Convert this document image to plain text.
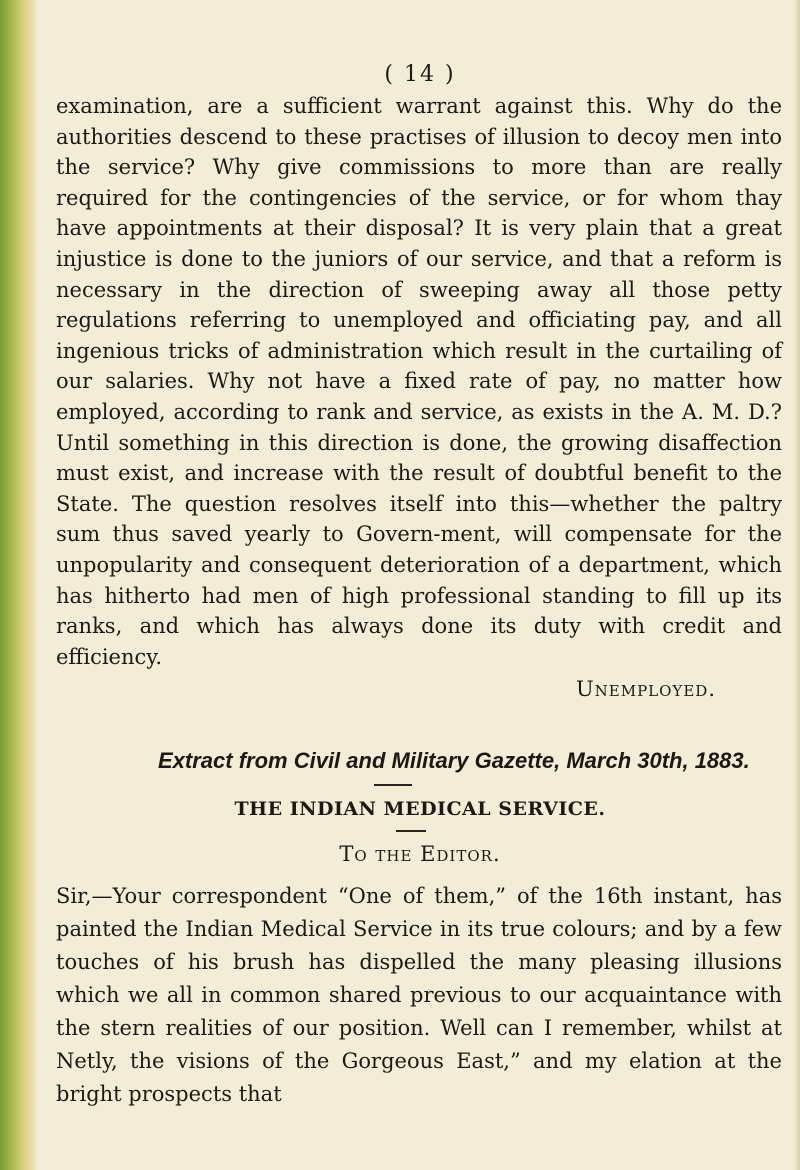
( 14 )

examination, are a sufficient warrant against this. Why do the authorities descend to these practises of illusion to decoy men into the service? Why give commissions to more than are really required for the contingencies of the service, or for whom thay have appointments at their disposal? It is very plain that a great injustice is done to the juniors of our service, and that a reform is necessary in the direction of sweeping away all those petty regulations referring to unemployed and officiating pay, and all ingenious tricks of administration which result in the curtailing of our salaries. Why not have a fixed rate of pay, no matter how employed, according to rank and service, as exists in the A. M. D.? Until something in this direction is done, the growing disaffection must exist, and increase with the result of doubtful benefit to the State. The question resolves itself into this—whether the paltry sum thus saved yearly to Govern-ment, will compensate for the unpopularity and consequent deterioration of a department, which has hitherto had men of high professional standing to fill up its ranks, and which has always done its duty with credit and efficiency.

Unemployed.
Extract from Civil and Military Gazette, March 30th, 1883.
THE INDIAN MEDICAL SERVICE.
To the Editor.

Sir,—Your correspondent “One of them,” of the 16th instant, has painted the Indian Medical Service in its true colours; and by a few touches of his brush has dispelled the many pleasing illusions which we all in common shared previous to our acquaintance with the stern realities of our position. Well can I remember, whilst at Netly, the visions of the Gorgeous East,” and my elation at the bright prospects that
